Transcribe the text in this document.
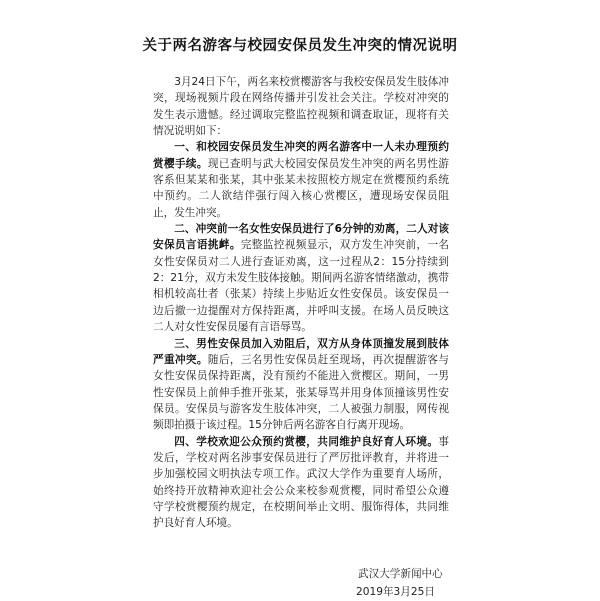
关于两名游客与校园安保员发生冲突的情况说明

3月24日下午，两名来校赏樱游客与我校安保员发生肢体冲突，现场视频片段在网络传播并引发社会关注。学校对冲突的发生表示遗憾。经过调取完整监控视频和调查取证，现将有关情况说明如下：

一、和校园安保员发生冲突的两名游客中一人未办理预约赏樱手续。现已查明与武大校园安保员发生冲突的两名男性游客系但某某和张某，其中张某未按照校方规定在赏樱预约系统中预约。二人欲结伴强行闯入核心赏樱区，遭现场安保员阻止，发生冲突。

二、冲突前一名女性安保员进行了6分钟的劝离，二人对该安保员言语挑衅。完整监控视频显示，双方发生冲突前，一名女性安保员对二人进行查证劝离，这一过程从2：15分持续到2：21分，双方未发生肢体接触。期间两名游客情绪激动，携带相机较高壮者（张某）持续上步贴近女性安保员。该安保员一边后撤一边提醒对方保持距离，并呼叫支援。在场人员反映这二人对女性安保员屡有言语辱骂。

三、男性安保员加入劝阻后，双方从身体顶撞发展到肢体严重冲突。随后，三名男性安保员赶至现场，再次提醒游客与女性安保员保持距离，没有预约不能进入赏樱区。期间，一男性安保员上前伸手推开张某，张某辱骂并用身体顶撞该男性安保员。安保员与游客发生肢体冲突，二人被强力制服，网传视频即拍摄于该过程。15分钟后两名游客自行离开现场。

四、学校欢迎公众预约赏樱，共同维护良好育人环境。事发后，学校对两名涉事安保员进行了严厉批评教育，并将进一步加强校园文明执法专项工作。武汉大学作为重要育人场所，始终持开放精神欢迎社会公众来校参观赏樱，同时希望公众遵守学校赏樱预约规定，在校期间举止文明、服饰得体，共同维护良好育人环境。

武汉大学新闻中心
2019年3月25日
